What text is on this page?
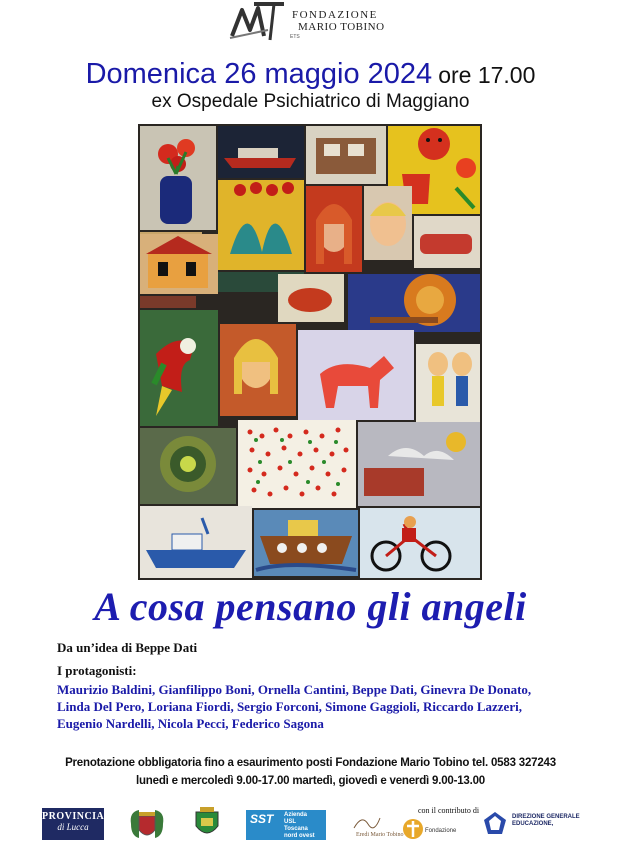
FONDAZIONE
MARIO TOBINO
ETS
Domenica 26 maggio 2024 ore 17.00
ex Ospedale Psichiatrico di Maggiano
A cosa pensano gli angeli
Da un’idea di Beppe Dati
I protagonisti:
Maurizio Baldini, Gianfilippo Boni, Ornella Cantini, Beppe Dati, Ginevra De Donato,
Linda Del Pero, Loriana Fiordi, Sergio Forconi, Simone Gaggioli, Riccardo Lazzeri,
Eugenio Nardelli, Nicola Pecci, Federico Sagona
Prenotazione obbligatoria fino a esaurimento posti Fondazione Mario Tobino tel. 0583 327243
lunedì e mercoledì 9.00-17.00 martedì, giovedì e venerdì 9.00-13.00
PROVINCIA
di Lucca
SST Azienda
USL
Toscana
nord ovest	Eredi Mario Tobino
con il contributo di
Fondazione
DIREZIONE GENERALE
EDUCAZIONE,
